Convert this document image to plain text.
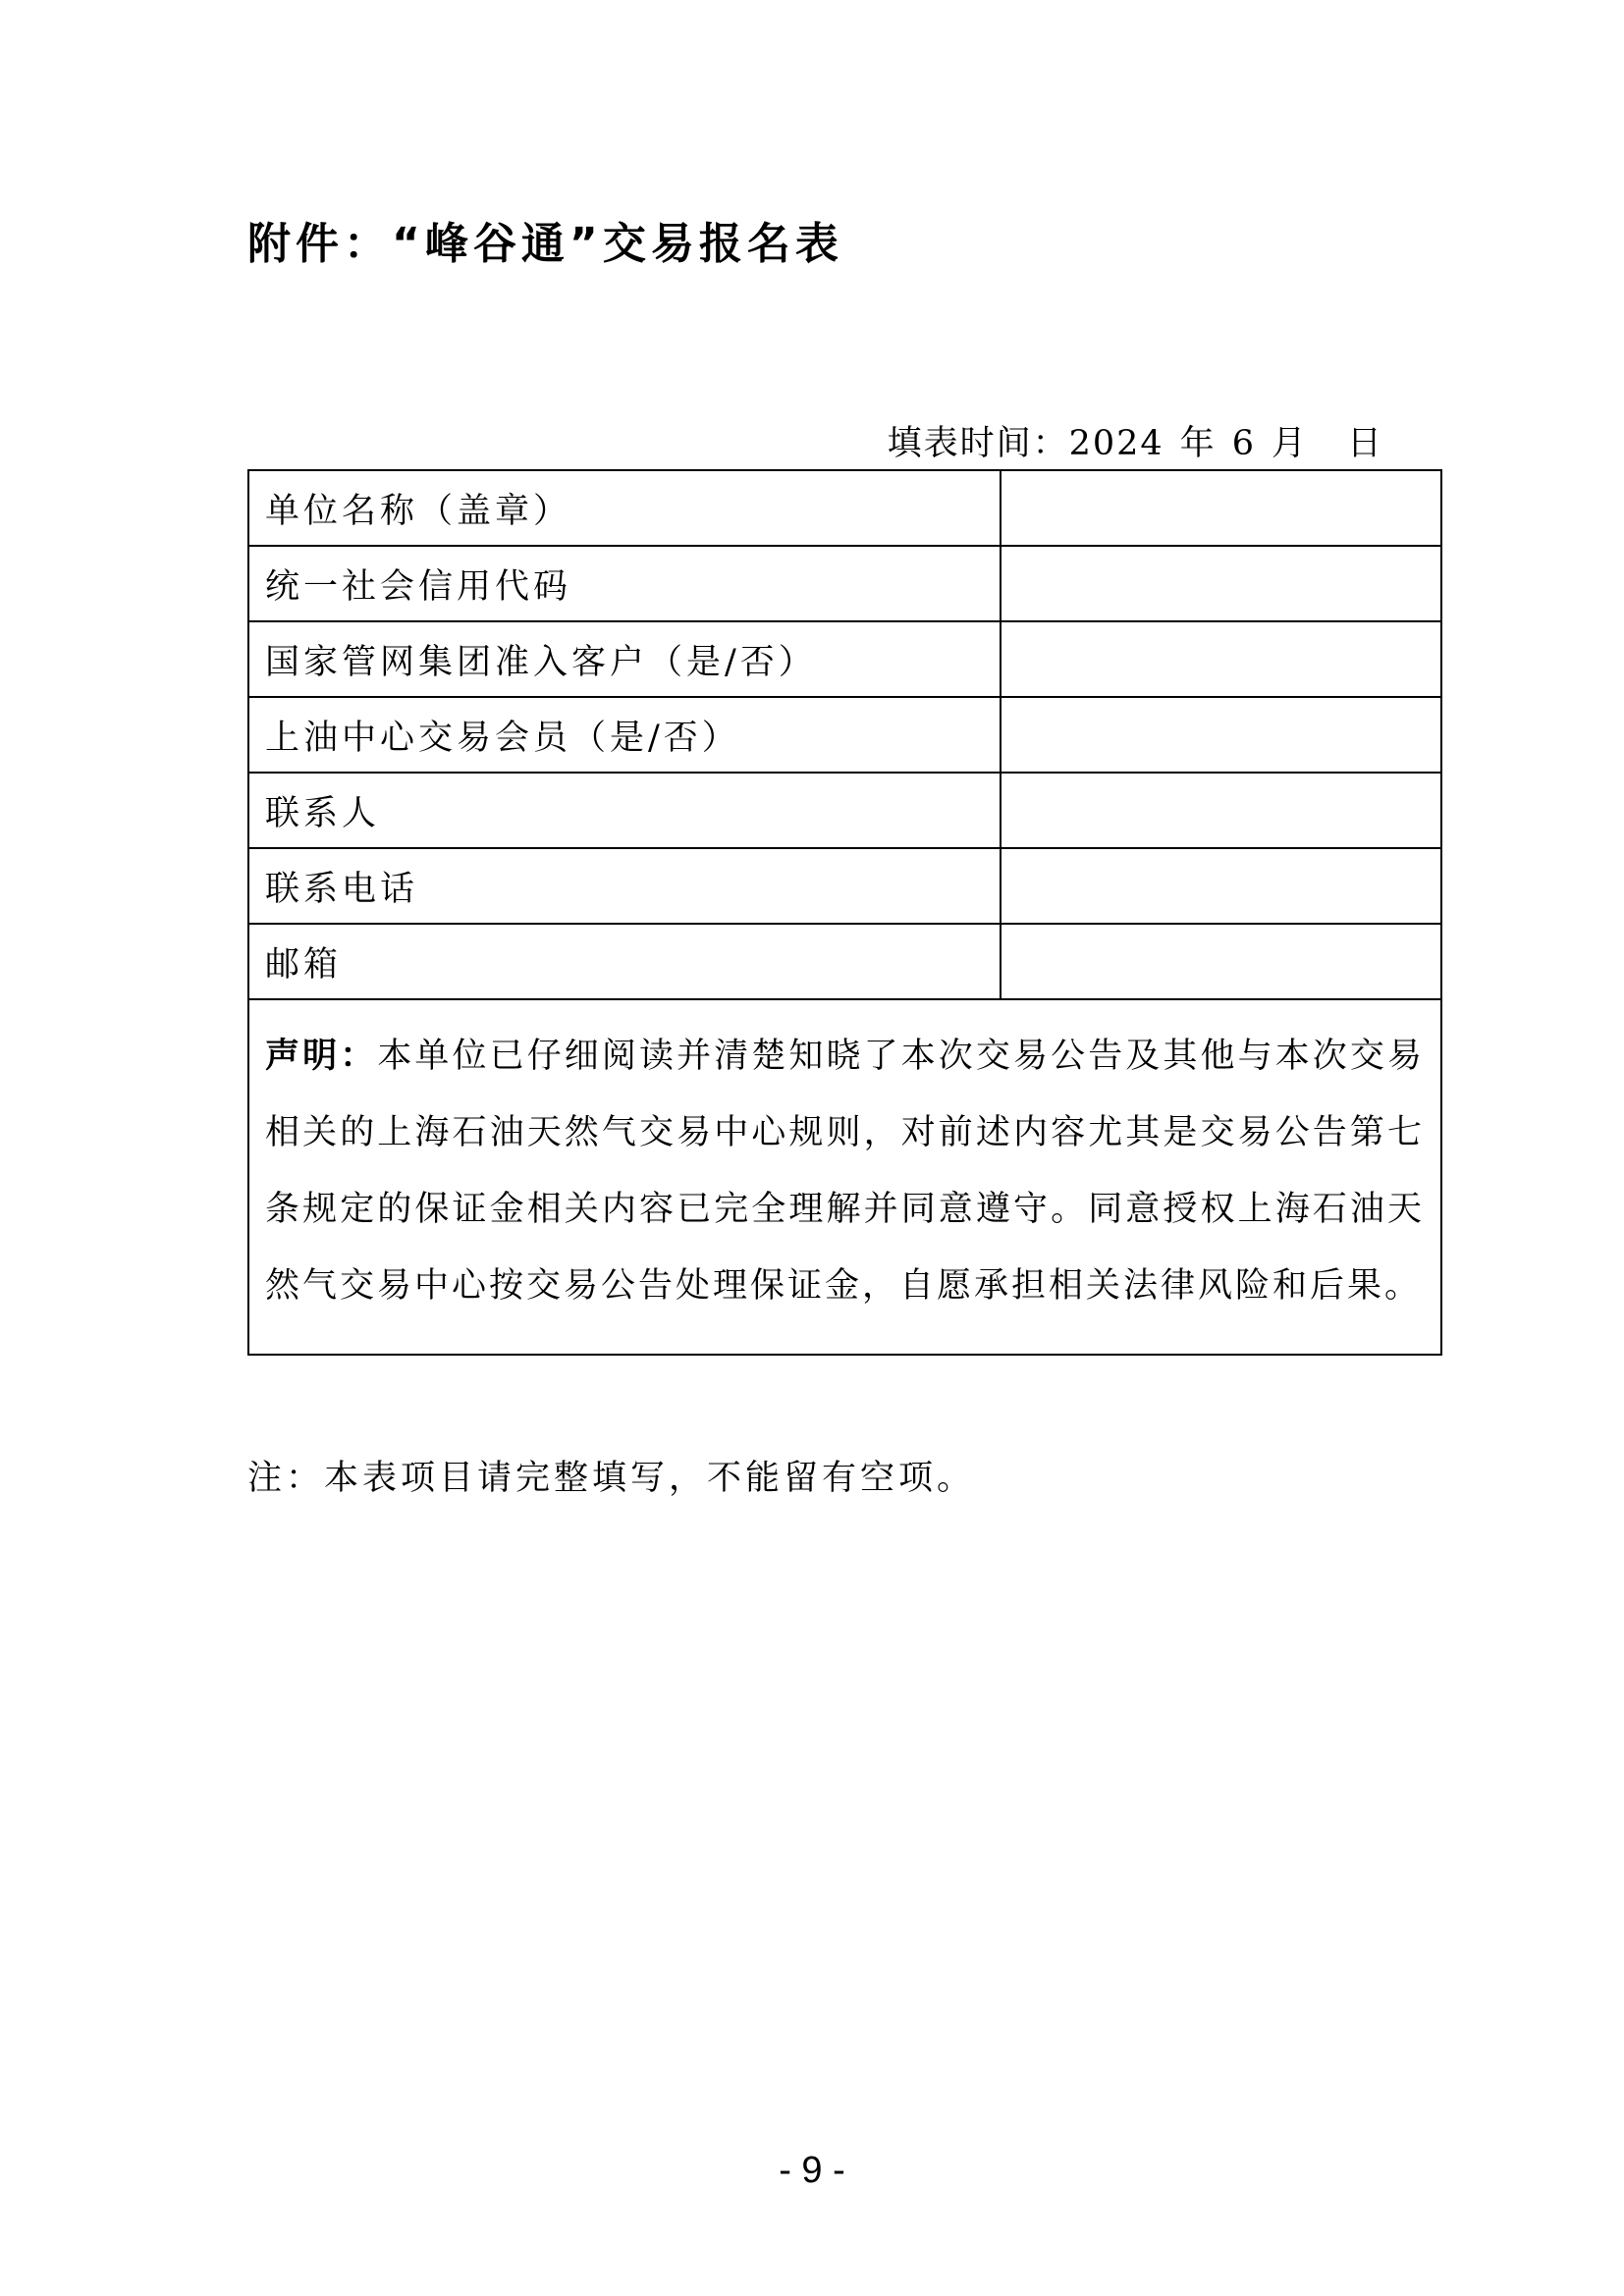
附件：“峰谷通”交易报名表
填表时间：2024 年 6 月 日
单位名称（盖章）	
统一社会信用代码	
国家管网集团准入客户（是/否）	
上油中心交易会员（是/否）	
联系人	
联系电话	
邮箱	
声明：本单位已仔细阅读并清楚知晓了本次交易公告及其他与本次交易相关的上海石油天然气交易中心规则，对前述内容尤其是交易公告第七条规定的保证金相关内容已完全理解并同意遵守。同意授权上海石油天然气交易中心按交易公告处理保证金，自愿承担相关法律风险和后果。	
注：本表项目请完整填写，不能留有空项。
- 9 -
